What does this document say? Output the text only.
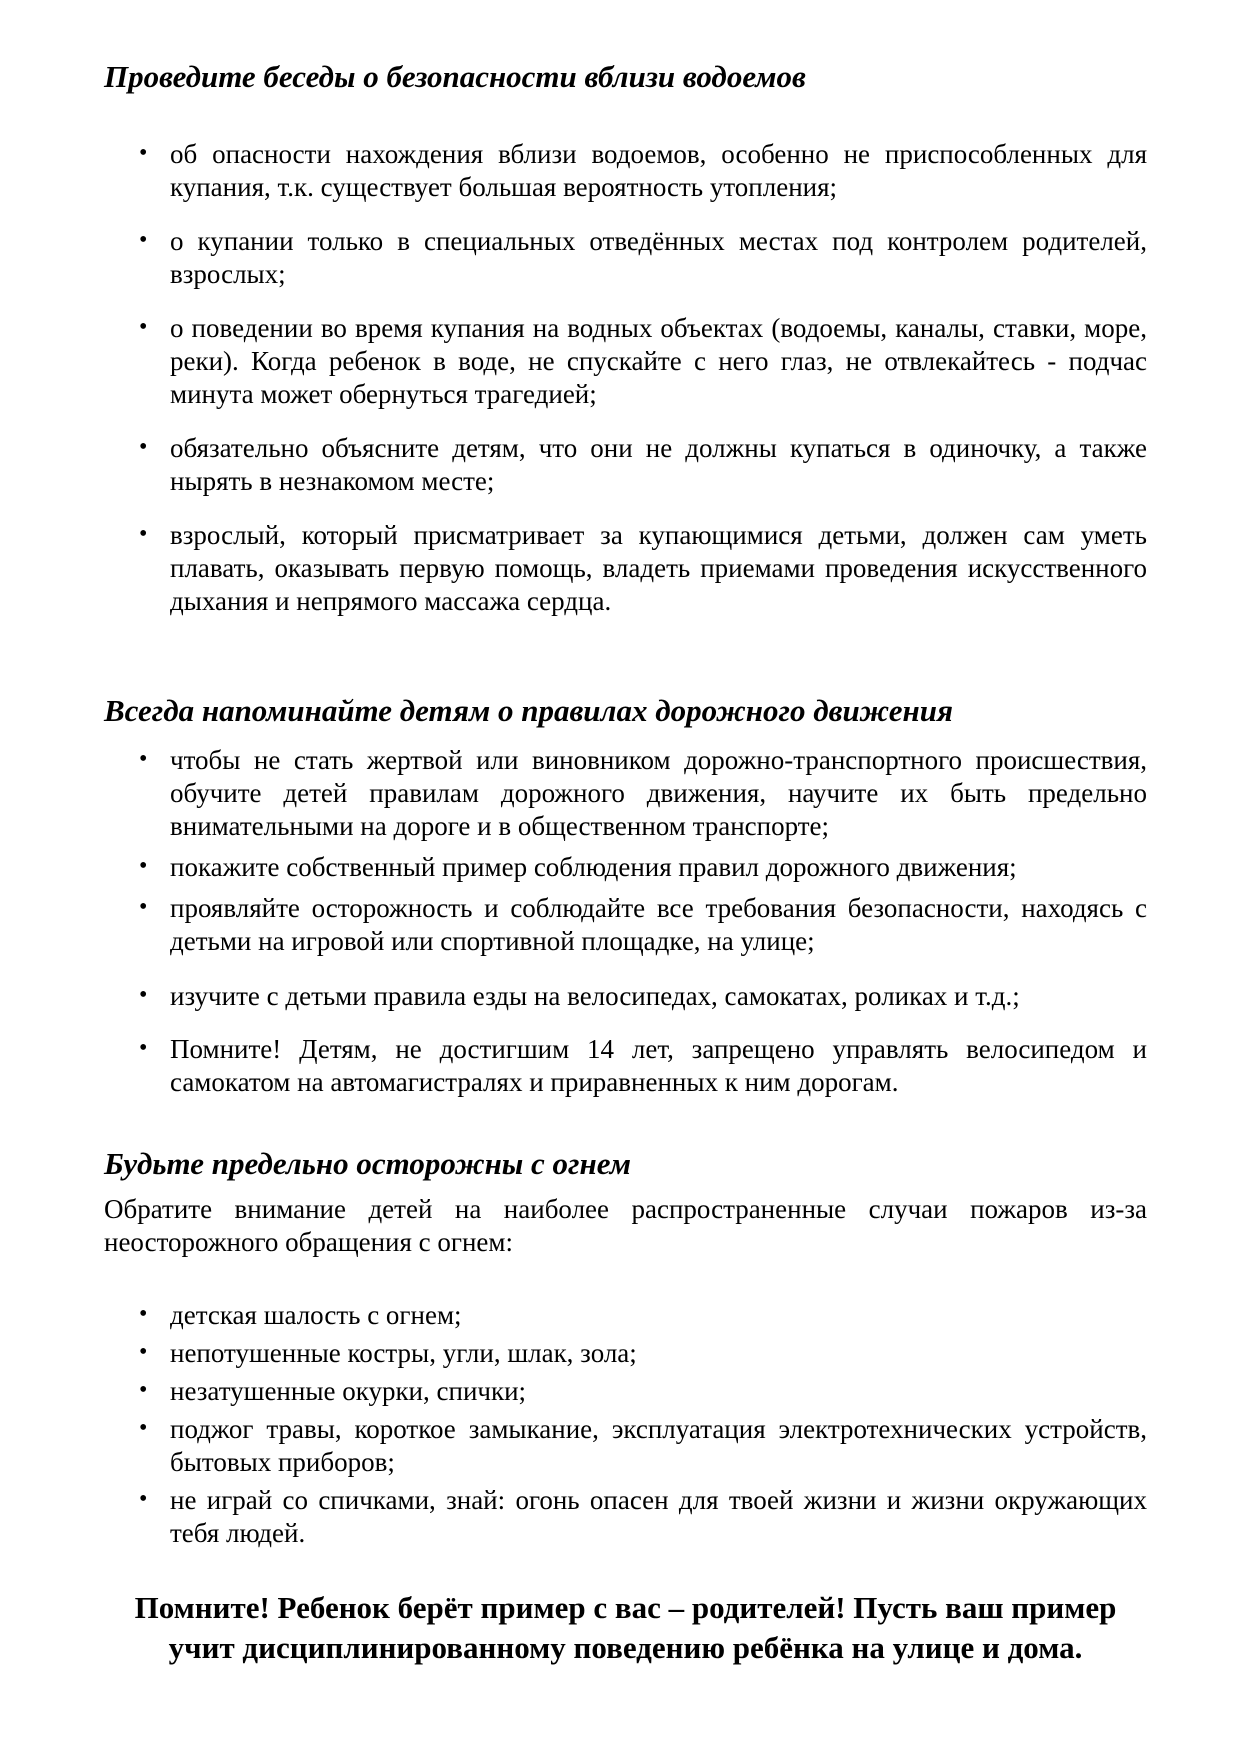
Проведите беседы о безопасности вблизи водоемов
• об опасности нахождения вблизи водоемов, особенно не приспособленных для купания, т.к. существует большая вероятность утопления;
• о купании только в специальных отведённых местах под контролем родителей, взрослых;
• о поведении во время купания на водных объектах (водоемы, каналы, ставки, море, реки). Когда ребенок в воде, не спускайте с него глаз, не отвлекайтесь - подчас минута может обернуться трагедией;
• обязательно объясните детям, что они не должны купаться в одиночку, а также нырять в незнакомом месте;
• взрослый, который присматривает за купающимися детьми, должен сам уметь плавать, оказывать первую помощь, владеть приемами проведения искусственного дыхания и непрямого массажа сердца.
Всегда напоминайте детям о правилах дорожного движения
• чтобы не стать жертвой или виновником дорожно-транспортного происшествия, обучите детей правилам дорожного движения, научите их быть предельно внимательными на дороге и в общественном транспорте;
• покажите собственный пример соблюдения правил дорожного движения;
• проявляйте осторожность и соблюдайте все требования безопасности, находясь с детьми на игровой или спортивной площадке, на улице;
• изучите с детьми правила езды на велосипедах, самокатах, роликах и т.д.;
• Помните! Детям, не достигшим 14 лет, запрещено управлять велосипедом и самокатом на автомагистралях и приравненных к ним дорогам.
Будьте предельно осторожны с огнем

Обратите внимание детей на наиболее распространенные случаи пожаров из-за неосторожного обращения с огнем:

• детская шалость с огнем;
• непотушенные костры, угли, шлак, зола;
• незатушенные окурки, спички;
• поджог травы, короткое замыкание, эксплуатация электротехнических устройств, бытовых приборов;
• не играй со спичками, знай: огонь опасен для твоей жизни и жизни окружающих тебя людей.

Помните! Ребенок берёт пример с вас – родителей! Пусть ваш пример учит дисциплинированному поведению ребёнка на улице и дома.
